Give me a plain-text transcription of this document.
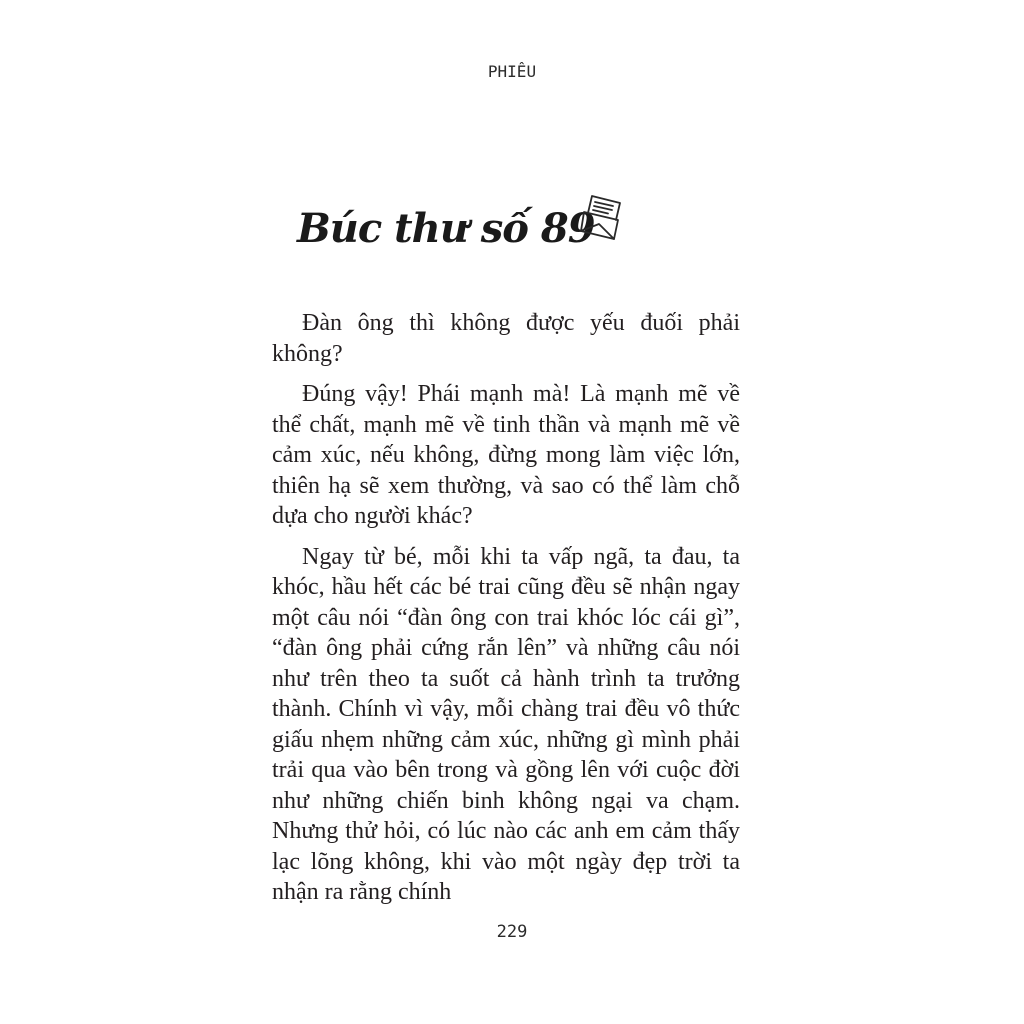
PHIÊU
Búc thư số 89

Đàn ông thì không được yếu đuối phải không?

Đúng vậy! Phái mạnh mà! Là mạnh mẽ về thể chất, mạnh mẽ về tinh thần và mạnh mẽ về cảm xúc, nếu không, đừng mong làm việc lớn, thiên hạ sẽ xem thường, và sao có thể làm chỗ dựa cho người khác?

Ngay từ bé, mỗi khi ta vấp ngã, ta đau, ta khóc, hầu hết các bé trai cũng đều sẽ nhận ngay một câu nói “đàn ông con trai khóc lóc cái gì”, “đàn ông phải cứng rắn lên” và những câu nói như trên theo ta suốt cả hành trình ta trưởng thành. Chính vì vậy, mỗi chàng trai đều vô thức giấu nhẹm những cảm xúc, những gì mình phải trải qua vào bên trong và gồng lên với cuộc đời như những chiến binh không ngại va chạm. Nhưng thử hỏi, có lúc nào các anh em cảm thấy lạc lõng không, khi vào một ngày đẹp trời ta nhận ra rằng chính

229
